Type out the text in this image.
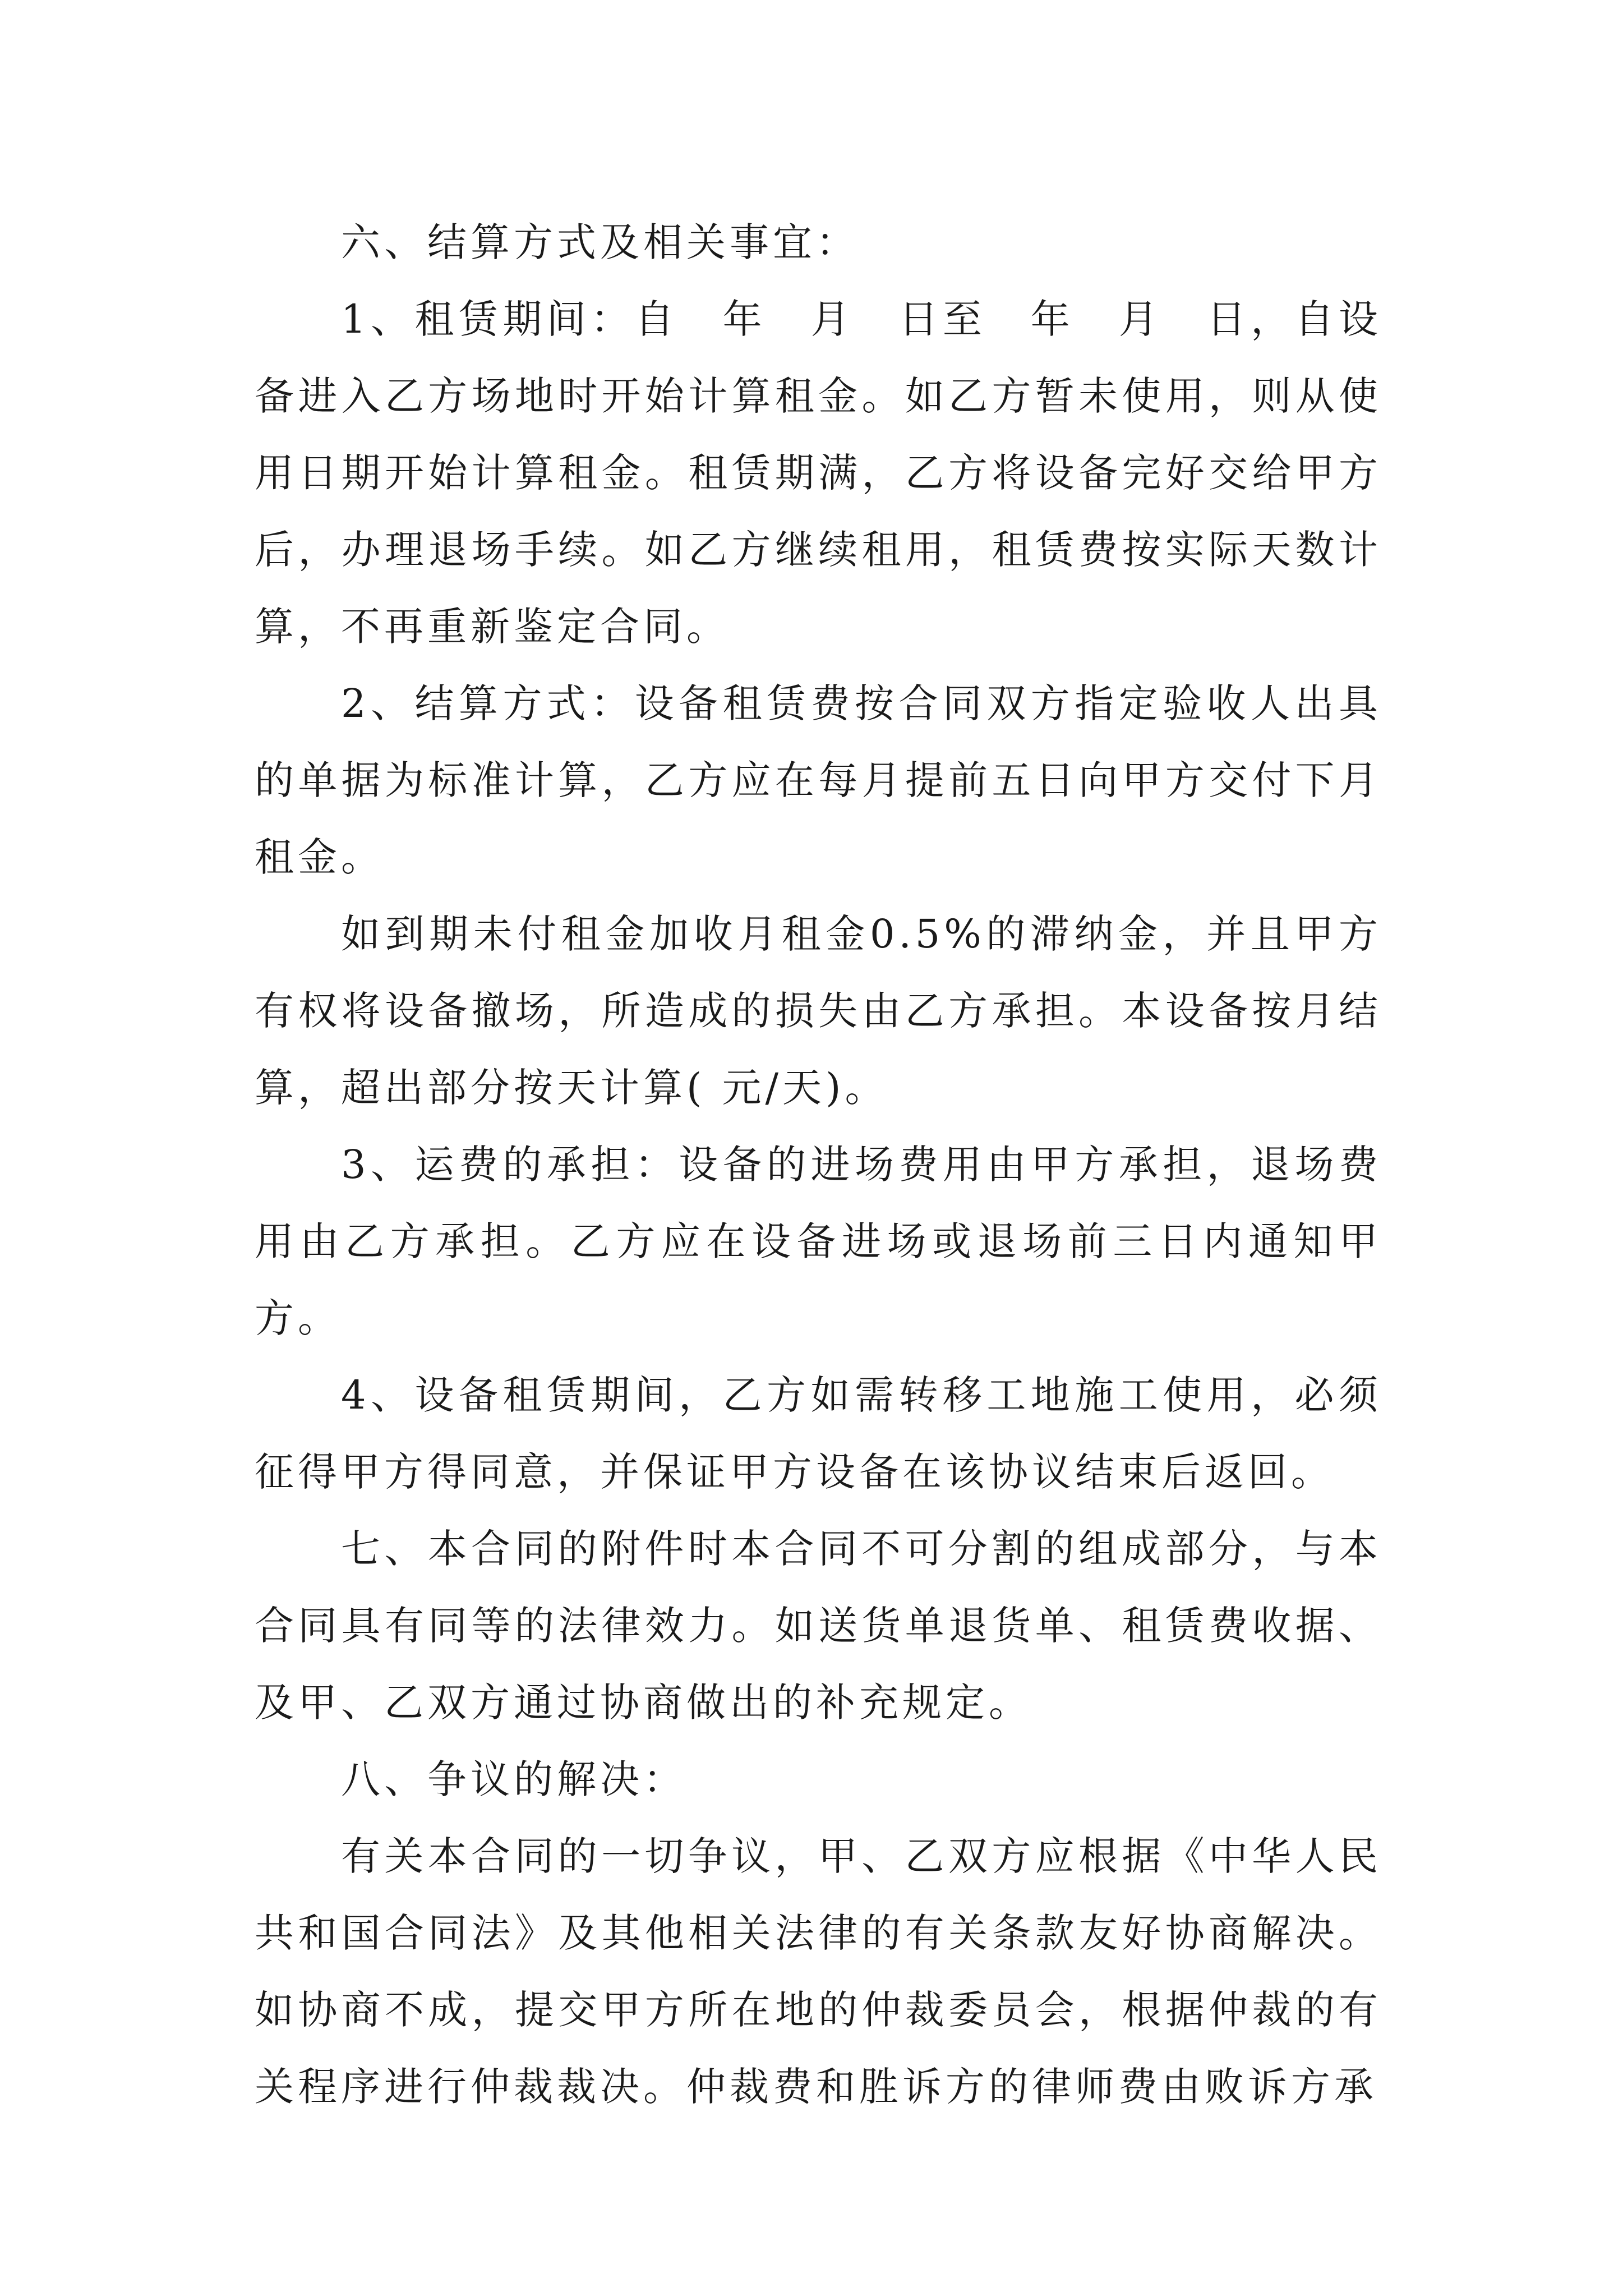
六、结算方式及相关事宜：

1、租赁期间：自　年　月　日至　年　月　日，自设备进入乙方场地时开始计算租金。如乙方暂未使用，则从使用日期开始计算租金。租赁期满，乙方将设备完好交给甲方后，办理退场手续。如乙方继续租用，租赁费按实际天数计算，不再重新鉴定合同。

2、结算方式：设备租赁费按合同双方指定验收人出具的单据为标准计算，乙方应在每月提前五日向甲方交付下月租金。

如到期未付租金加收月租金0.5%的滞纳金，并且甲方有权将设备撤场，所造成的损失由乙方承担。本设备按月结算，超出部分按天计算( 元/天)。

3、运费的承担：设备的进场费用由甲方承担，退场费用由乙方承担。乙方应在设备进场或退场前三日内通知甲方。

4、设备租赁期间，乙方如需转移工地施工使用，必须征得甲方得同意，并保证甲方设备在该协议结束后返回。

七、本合同的附件时本合同不可分割的组成部分，与本合同具有同等的法律效力。如送货单退货单、租赁费收据、及甲、乙双方通过协商做出的补充规定。

八、争议的解决：

有关本合同的一切争议，甲、乙双方应根据《中华人民共和国合同法》及其他相关法律的有关条款友好协商解决。如协商不成，提交甲方所在地的仲裁委员会，根据仲裁的有关程序进行仲裁裁决。仲裁费和胜诉方的律师费由败诉方承
